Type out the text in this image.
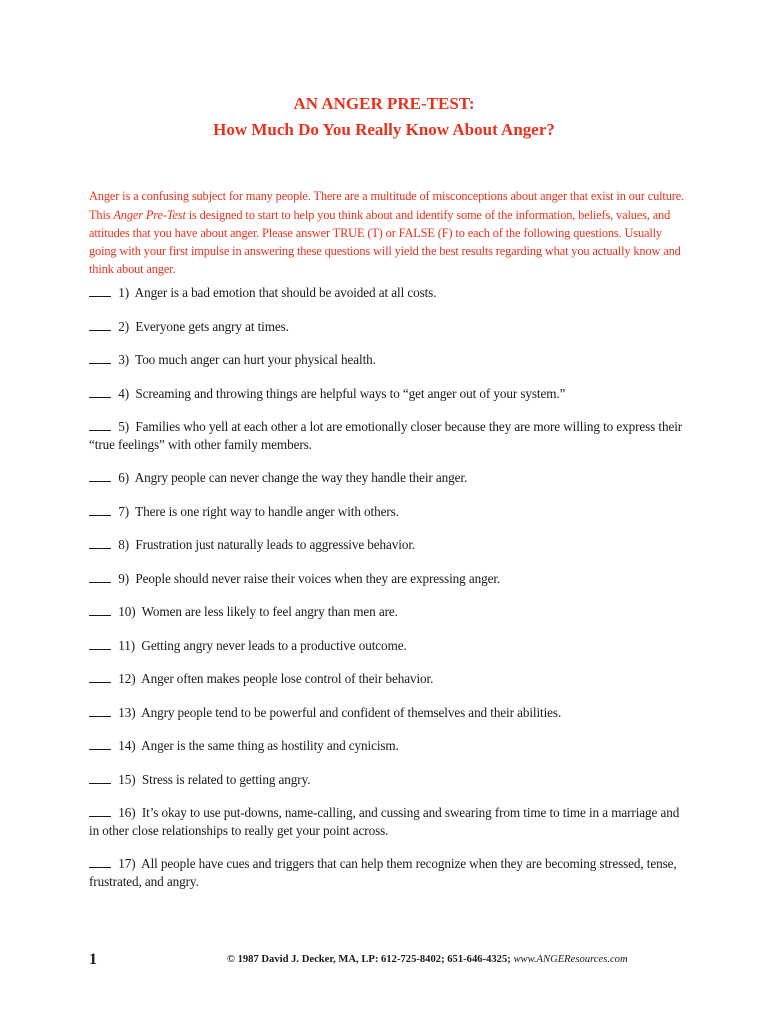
AN ANGER PRE-TEST:
How Much Do You Really Know About Anger?

Anger is a confusing subject for many people. There are a multitude of misconceptions about anger that exist in our culture. This Anger Pre-Test is designed to start to help you think about and identify some of the information, beliefs, values, and attitudes that you have about anger. Please answer TRUE (T) or FALSE (F) to each of the following questions. Usually going with your first impulse in answering these questions will yield the best results regarding what you actually know and think about anger.

1) Anger is a bad emotion that should be avoided at all costs.
2) Everyone gets angry at times.
3) Too much anger can hurt your physical health.
4) Screaming and throwing things are helpful ways to “get anger out of your system.”
5) Families who yell at each other a lot are emotionally closer because they are more willing to express their “true feelings” with other family members.
6) Angry people can never change the way they handle their anger.
7) There is one right way to handle anger with others.
8) Frustration just naturally leads to aggressive behavior.
9) People should never raise their voices when they are expressing anger.
10) Women are less likely to feel angry than men are.
11) Getting angry never leads to a productive outcome.
12) Anger often makes people lose control of their behavior.
13) Angry people tend to be powerful and confident of themselves and their abilities.
14) Anger is the same thing as hostility and cynicism.
15) Stress is related to getting angry.
16) It’s okay to use put-downs, name-calling, and cussing and swearing from time to time in a marriage and in other close relationships to really get your point across.
17) All people have cues and triggers that can help them recognize when they are becoming stressed, tense, frustrated, and angry.
1	© 1987 David J. Decker, MA, LP: 612-725-8402; 651-646-4325; www.ANGEResources.com
